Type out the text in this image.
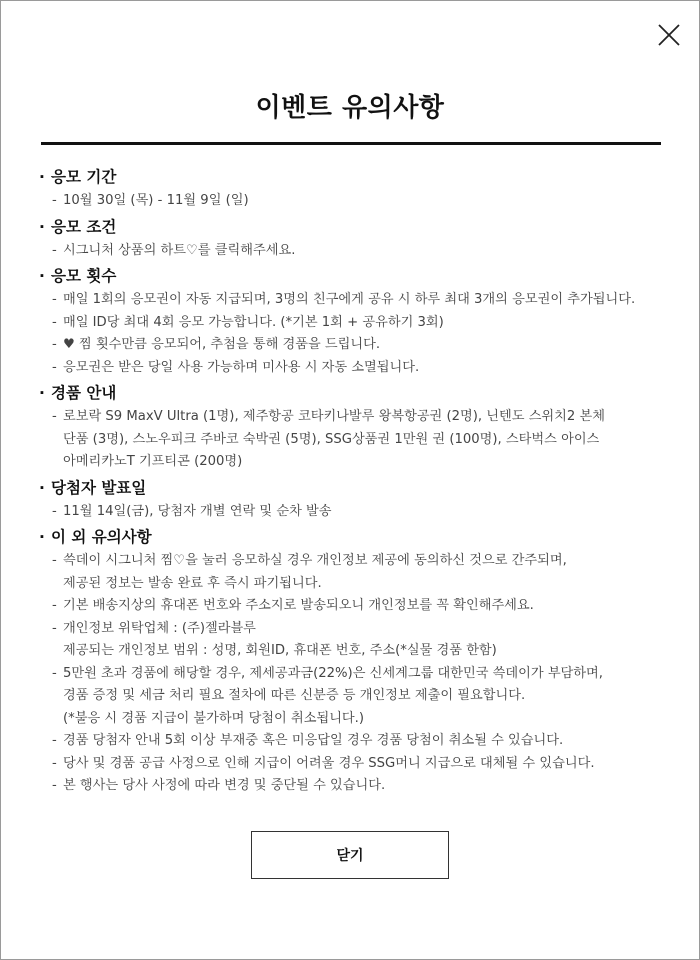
이벤트 유의사항
· 응모 기간
- 10월 30일 (목) - 11월 9일 (일)
· 응모 조건
- 시그니처 상품의 하트♡를 클릭해주세요.
· 응모 횟수
- 매일 1회의 응모권이 자동 지급되며, 3명의 친구에게 공유 시 하루 최대 3개의 응모권이 추가됩니다.
- 매일 ID당 최대 4회 응모 가능합니다. (*기본 1회 + 공유하기 3회)
- ♥ 찜 횟수만큼 응모되어, 추첨을 통해 경품을 드립니다.
- 응모권은 받은 당일 사용 가능하며 미사용 시 자동 소멸됩니다.
· 경품 안내
- 로보락 S9 MaxV Ultra (1명), 제주항공 코타키나발루 왕복항공권 (2명), 닌텐도 스위치2 본체
단품 (3명), 스노우피크 주바코 숙박권 (5명), SSG상품권 1만원 권 (100명), 스타벅스 아이스
아메리카노T 기프티콘 (200명)
· 당첨자 발표일
- 11월 14일(금), 당첨자 개별 연락 및 순차 발송
· 이 외 유의사항
- 쓱데이 시그니처 찜♡을 눌러 응모하실 경우 개인정보 제공에 동의하신 것으로 간주되며,
제공된 정보는 발송 완료 후 즉시 파기됩니다.
- 기본 배송지상의 휴대폰 번호와 주소지로 발송되오니 개인정보를 꼭 확인해주세요.
- 개인정보 위탁업체 : (주)젤라블루
제공되는 개인정보 범위 : 성명, 회원ID, 휴대폰 번호, 주소(*실물 경품 한함)
- 5만원 초과 경품에 해당할 경우, 제세공과금(22%)은 신세계그룹 대한민국 쓱데이가 부담하며,
경품 증정 및 세금 처리 필요 절차에 따른 신분증 등 개인정보 제출이 필요합니다.
(*불응 시 경품 지급이 불가하며 당첨이 취소됩니다.)
- 경품 당첨자 안내 5회 이상 부재중 혹은 미응답일 경우 경품 당첨이 취소될 수 있습니다.
- 당사 및 경품 공급 사정으로 인해 지급이 어려울 경우 SSG머니 지급으로 대체될 수 있습니다.
- 본 행사는 당사 사정에 따라 변경 및 중단될 수 있습니다.
닫기
